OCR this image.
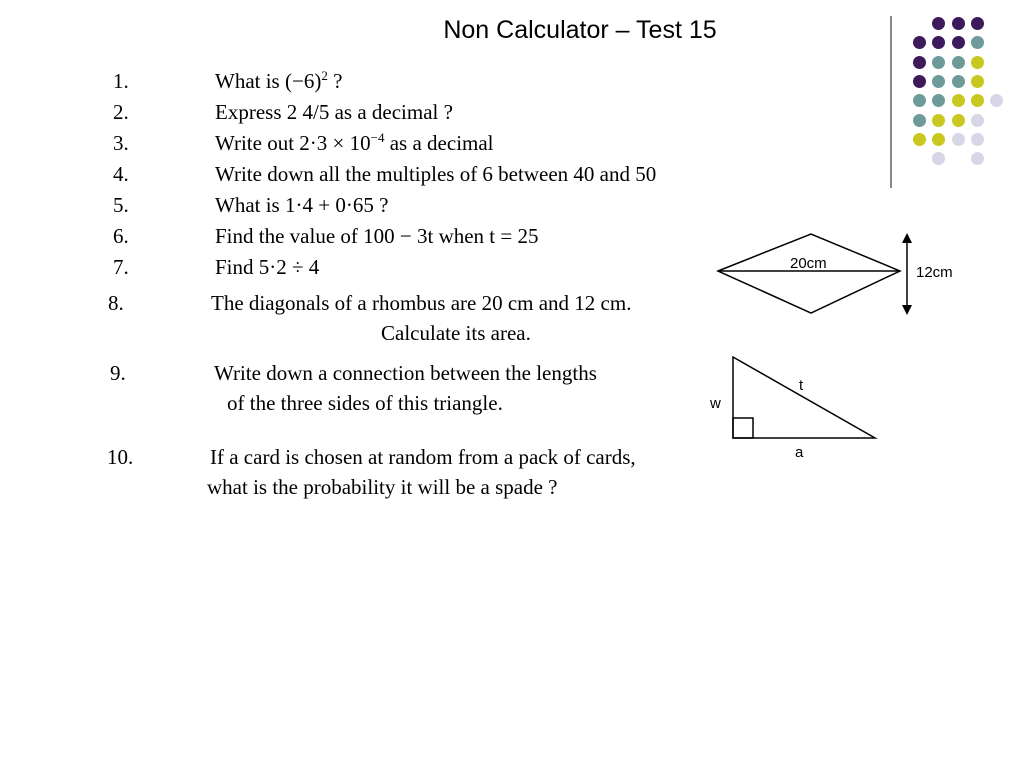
Non Calculator – Test 15
1.	What is $(-6)^2$ ?
2.	Express 2 4/5 as a decimal ?
3.	Write out $2\cdot 3 \times 10^{-4}$ as a decimal
4.	Write down all the multiples of 6 between 40 and 50
5.	What is 1·4 + 0·65 ?
6.	Find the value of 100 − 3t when t = 25
7.	Find 5·2 ÷ 4
8.	The diagonals of a rhombus are 20 cm and 12 cm.
Calculate its area.
9.	Write down a connection between the lengths
of the three sides of this triangle.
10.	If a card is chosen at random from a pack of cards,
what is the probability it will be a spade ?
20cm
12cm
w
t
a
